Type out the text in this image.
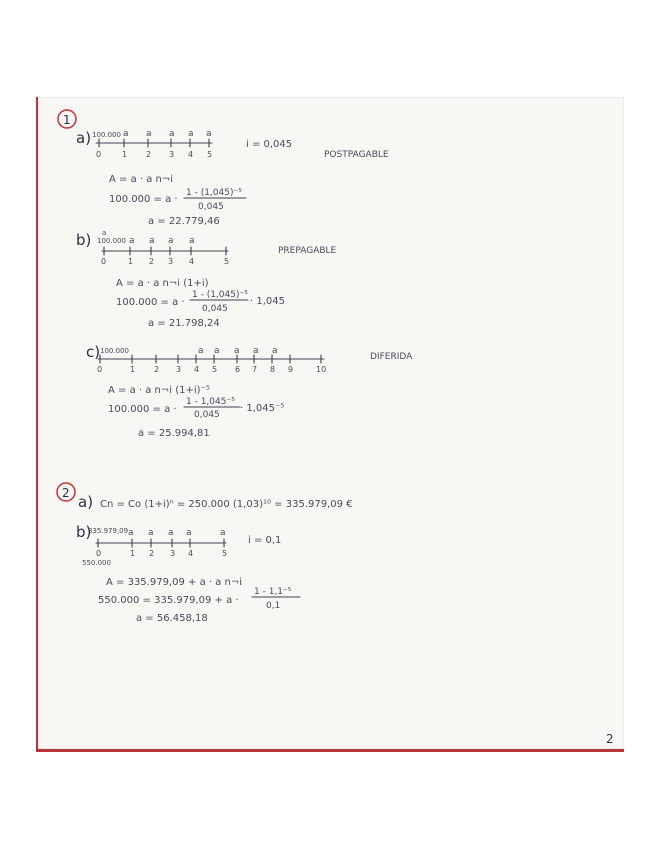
1
a) 100.000 a a a a a
0	1 2 3 4 5
i = 0,045
POSTPAGABLE
A = a · a n¬i
100.000 = a ·
1 - (1,045)⁻⁵
0,045
a = 22.779,46
b) a
100.000 a a a a
0	1 2 3 4	5
PREPAGABLE
A = a · a n¬i (1+i)
100.000 = a ·
1 - (1,045)⁻⁵
0,045
· 1,045
a = 21.798,24
c) 100.000	a a a a a
0	1 2 3 4 5 6 7 8 9	10
DIFERIDA
A = a · a n¬i (1+i)⁻⁵
100.000 = a ·
1 - 1,045⁻⁵
0,045
· 1,045⁻⁵
a = 25.994,81
2 a) Cn = Co (1+i)ⁿ = 250.000 (1,03)¹⁰ = 335.979,09 €
b)
335.979,09 a a a a	a
0	1 2 3 4	5
550.000
i = 0,1
A = 335.979,09 + a · a n¬i
550.000 = 335.979,09 + a ·
1 - 1,1⁻⁵
0,1
a = 56.458,18
2
